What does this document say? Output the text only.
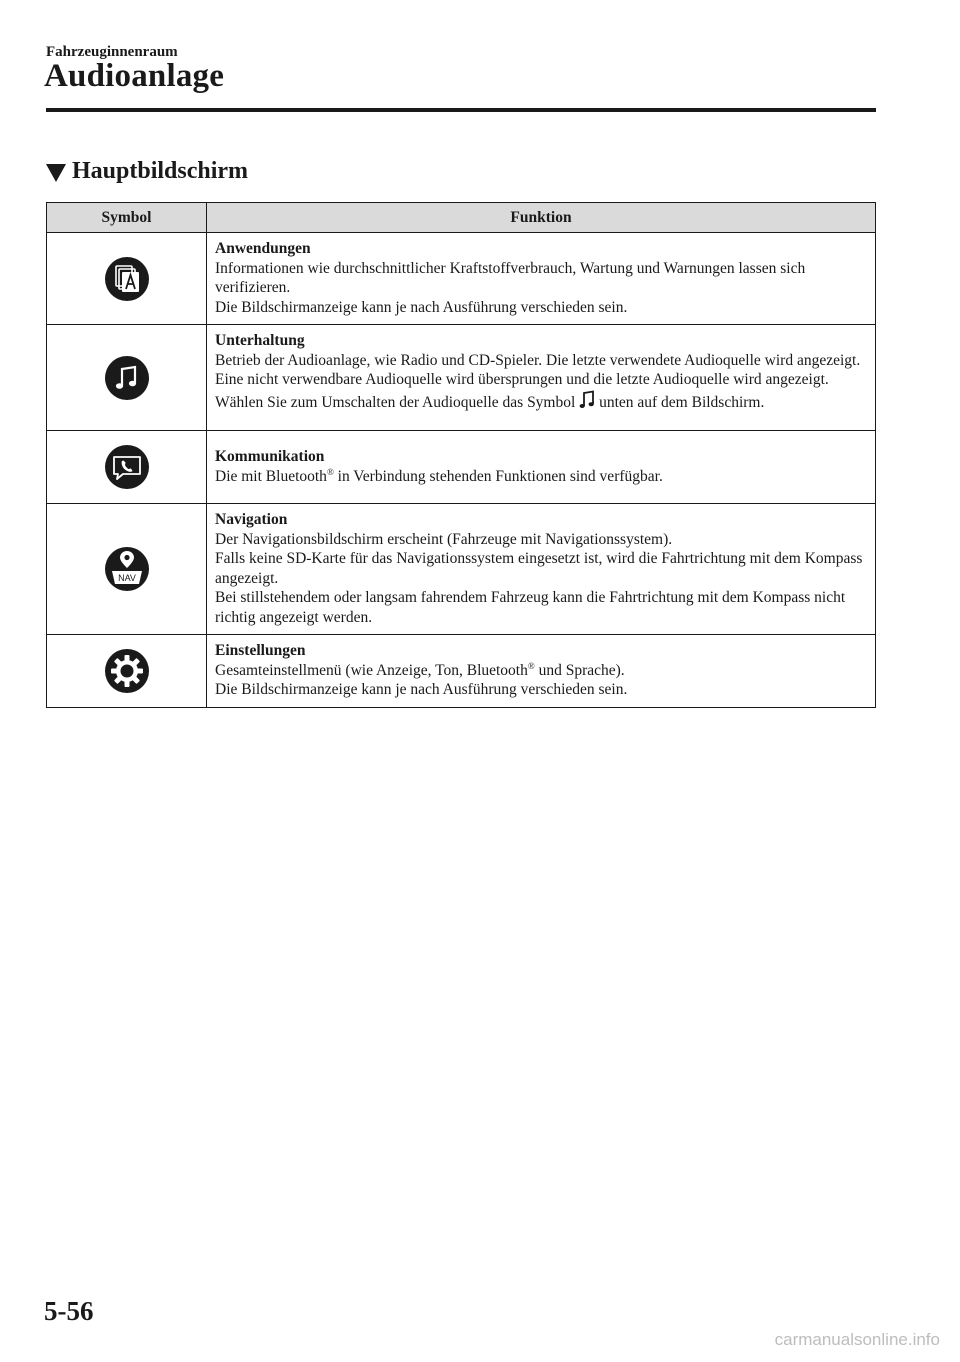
Fahrzeuginnenraum
Audioanlage
Hauptbildschirm
Symbol	Funktion

Anwendungen
Informationen wie durchschnittlicher Kraftstoffverbrauch, Wartung und Warnungen lassen sich verifizieren.
Die Bildschirmanzeige kann je nach Ausführung verschieden sein.

Unterhaltung
Betrieb der Audioanlage, wie Radio und CD-Spieler. Die letzte verwendete Audioquelle wird angezeigt. Eine nicht verwendbare Audioquelle wird übersprungen und die letzte Audioquelle wird angezeigt.
Wählen Sie zum Umschalten der Audioquelle das Symbol unten auf dem Bildschirm.

Kommunikation
Die mit Bluetooth® in Verbindung stehenden Funktionen sind verfügbar.

NAV	Navigation
Der Navigationsbildschirm erscheint (Fahrzeuge mit Navigationssystem).
Falls keine SD-Karte für das Navigationssystem eingesetzt ist, wird die Fahrtrichtung mit dem Kompass angezeigt.
Bei stillstehendem oder langsam fahrendem Fahrzeug kann die Fahrtrichtung mit dem Kompass nicht richtig angezeigt werden.

Einstellungen
Gesamteinstellmenü (wie Anzeige, Ton, Bluetooth® und Sprache).
Die Bildschirmanzeige kann je nach Ausführung verschieden sein.
5-56
carmanualsonline.info
